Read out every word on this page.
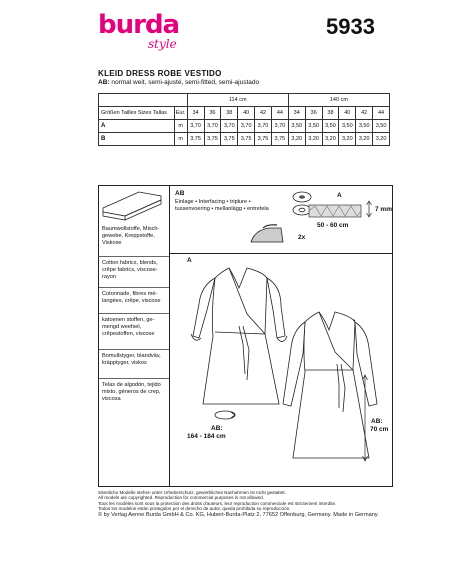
burda
style
5933
KLEID DRESS ROBE VESTIDO
AB: normal weit, semi-ajusté, semi-fitted, semi-ajustado
		114 cm						140 cm					
Größen Tailles Sizes Tallas	Eur.	34	36	38	40	42	44	34	36	38	40	42	44
A	m	3,70	3,70	3,70	3,70	3,70	3,70	3,50	3,50	3,50	3,50	3,50	3,50
B	m	3,75	3,75	3,75	3,75	3,75	3,75	3,20	3,20	3,20	3,20	3,20	3,20
Baumwollstoffe, Misch-gewebe, Kreppstoffe, Viskose
Cotton fabrics, blends, crêpe fabrics, viscose-rayon
Cotonnade, fibres mé-langées, crêpe, viscose
katoenen stoffen, ge-mengd weefsel, crêpestoffen, viscose
Bomullstyger, blandväv, kräpptyger, viskos
Telas de algodón, tejido mixto, géneros de crep, viscosa
AB
Einlage • Interfacing • triplure • tussenvoering • mellanlägg • entretela
2x
A
7 mm
50 - 60 cm
A
AB:
164 - 184 cm
AB:
70 cm
Sämtliche Modelle stehen unter Urheberschutz, gewerbliches Nachahmen ist nicht gestattet.
All models are copyrighted. Reproduction for commercial purposes is not allowed.
Tous les modèles sont sous la protection des droits d'auteurs, leur reproduction commerciale est strictement interdite.
Todos los modelos están protegidos por el derecho de autor, queda prohibida su reproducción.
© by Verlag Aenne Burda GmbH & Co. KG, Hubert-Burda-Platz 2, 77652 Offenburg, Germany. Made in Germany.
